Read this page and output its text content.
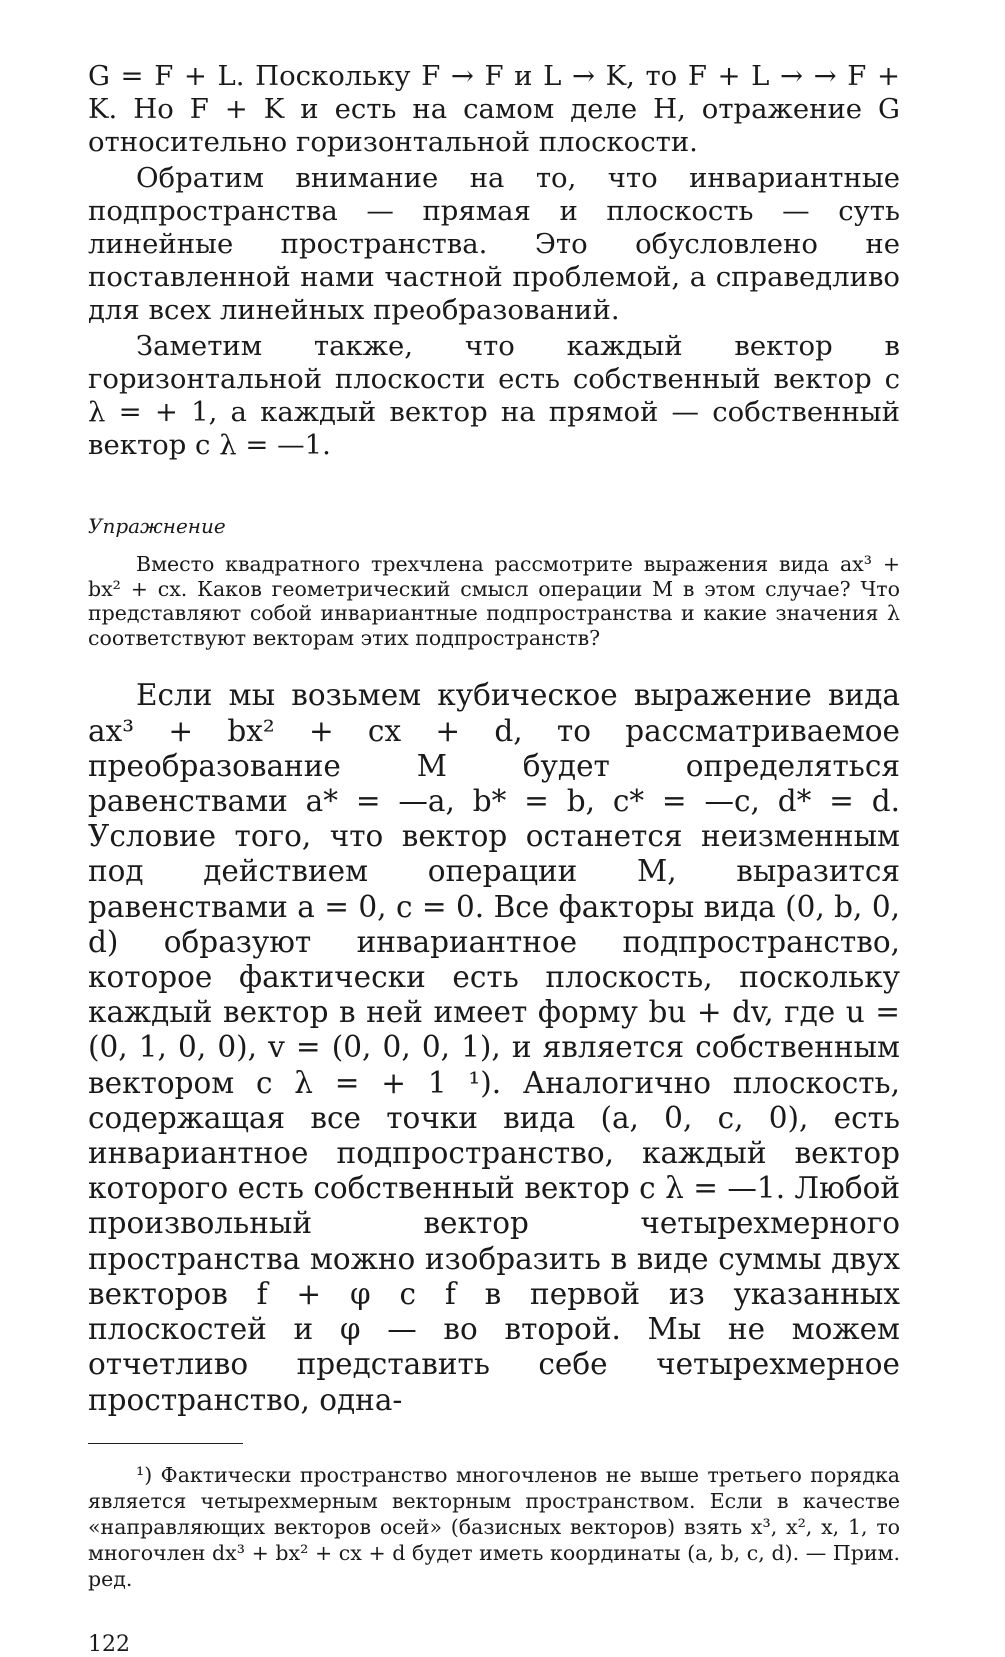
G = F + L. Поскольку F → F и L → K, то F + L → → F + K. Но F + K и есть на самом деле H, отражение G относительно горизонтальной плоскости.

Обратим внимание на то, что инвариантные подпространства — прямая и плоскость — суть линейные пространства. Это обусловлено не поставленной нами частной проблемой, а справедливо для всех линейных преобразований.

Заметим также, что каждый вектор в горизонтальной плоскости есть собственный вектор с λ = + 1, а каждый вектор на прямой — собственный вектор с λ = —1.

Упражнение

Вместо квадратного трехчлена рассмотрите выражения вида ax³ + bx² + cx. Каков геометрический смысл операции M в этом случае? Что представляют собой инвариантные подпространства и какие значения λ соответствуют векторам этих подпространств?

Если мы возьмем кубическое выражение вида ax³ + bx² + cx + d, то рассматриваемое преобразование M будет определяться равенствами a* = —a, b* = b, c* = —c, d* = d. Условие того, что вектор останется неизменным под действием операции M, выразится равенствами a = 0, c = 0. Все факторы вида (0, b, 0, d) образуют инвариантное подпространство, которое фактически есть плоскость, поскольку каждый вектор в ней имеет форму bu + dv, где u = (0, 1, 0, 0), v = (0, 0, 0, 1), и является собственным вектором с λ = + 1 ¹). Аналогично плоскость, содержащая все точки вида (a, 0, c, 0), есть инвариантное подпространство, каждый вектор которого есть собственный вектор с λ = —1. Любой произвольный вектор четырехмерного пространства можно изобразить в виде суммы двух векторов f + φ с f в первой из указанных плоскостей и φ — во второй. Мы не можем отчетливо представить себе четырехмерное пространство, одна-

¹) Фактически пространство многочленов не выше третьего порядка является четырехмерным векторным пространством. Если в качестве «направляющих векторов осей» (базисных векторов) взять x³, x², x, 1, то многочлен dx³ + bx² + cx + d будет иметь координаты (a, b, c, d). — Прим. ред.

122
